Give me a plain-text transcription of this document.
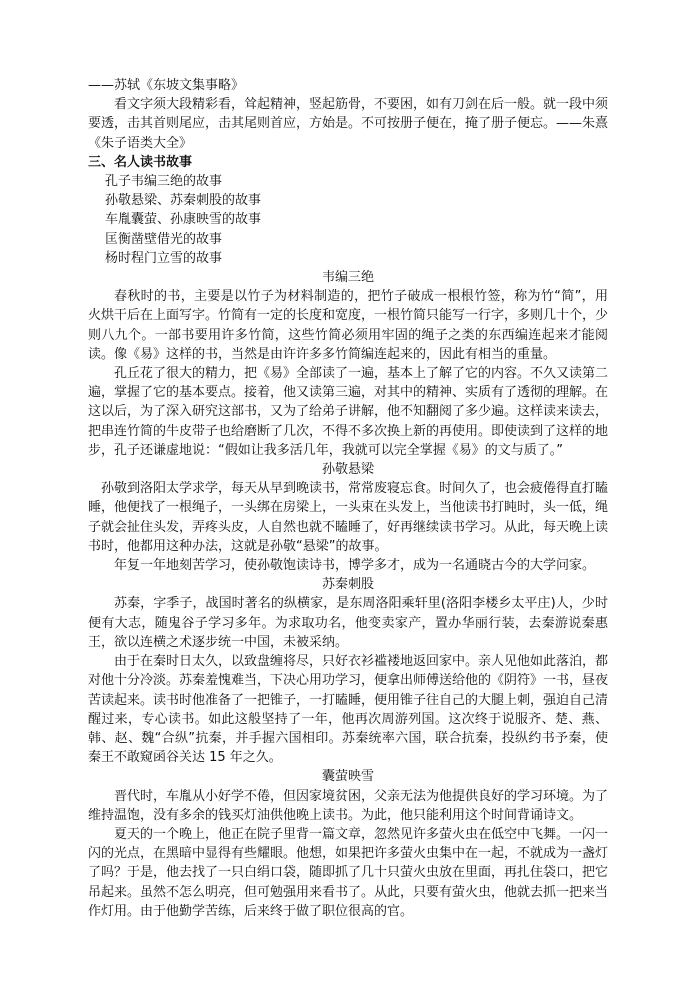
——苏轼《东坡文集事略》

看文字须大段精彩看，耸起精神，竖起筋骨，不要困，如有刀剑在后一般。就一段中须要透，击其首则尾应，击其尾则首应，方始是。不可按册子便在，掩了册子便忘。——朱熹《朱子语类大全》

三、名人读书故事

孔子韦编三绝的故事

孙敬悬梁、苏秦刺股的故事

车胤囊萤、孙康映雪的故事

匡衡凿壁借光的故事

杨时程门立雪的故事

韦编三绝

春秋时的书，主要是以竹子为材料制造的，把竹子破成一根根竹签，称为竹“简”，用火烘干后在上面写字。竹简有一定的长度和宽度，一根竹简只能写一行字，多则几十个，少则八九个。一部书要用许多竹简，这些竹简必须用牢固的绳子之类的东西编连起来才能阅读。像《易》这样的书，当然是由许许多多竹简编连起来的，因此有相当的重量。

孔丘花了很大的精力，把《易》全部读了一遍，基本上了解了它的内容。不久又读第二遍，掌握了它的基本要点。接着，他又读第三遍，对其中的精神、实质有了透彻的理解。在这以后，为了深入研究这部书，又为了给弟子讲解，他不知翻阅了多少遍。这样读来读去，把串连竹简的牛皮带子也给磨断了几次，不得不多次换上新的再使用。即使读到了这样的地步，孔子还谦虚地说：“假如让我多活几年，我就可以完全掌握《易》的文与质了。”

孙敬悬梁

孙敬到洛阳太学求学，每天从早到晚读书，常常废寝忘食。时间久了，也会疲倦得直打瞌睡，他便找了一根绳子，一头绑在房梁上，一头束在头发上，当他读书打盹时，头一低，绳子就会扯住头发，弄疼头皮，人自然也就不瞌睡了，好再继续读书学习。从此，每天晚上读书时，他都用这种办法，这就是孙敬“悬梁”的故事。

年复一年地刻苦学习，使孙敬饱读诗书，博学多才，成为一名通晓古今的大学问家。

苏秦刺股

苏秦，字季子，战国时著名的纵横家，是东周洛阳乘轩里(洛阳李楼乡太平庄)人，少时便有大志，随鬼谷子学习多年。为求取功名，他变卖家产，置办华丽行装，去秦游说秦惠王，欲以连横之术逐步统一中国，未被采纳。

由于在秦时日太久，以致盘缠将尽，只好衣衫褴褛地返回家中。亲人见他如此落泊，都对他十分冷淡。苏秦羞愧难当，下决心用功学习，便拿出师傅送给他的《阴符》一书，昼夜苦读起来。读书时他准备了一把锥子，一打瞌睡，便用锥子往自己的大腿上刺，强迫自己清醒过来，专心读书。如此这般坚持了一年，他再次周游列国。这次终于说服齐、楚、燕、韩、赵、魏“合纵”抗秦，并手握六国相印。苏秦统率六国，联合抗秦，投纵约书予秦，使秦王不敢窥函谷关达 15 年之久。

囊萤映雪

晋代时，车胤从小好学不倦，但因家境贫困，父亲无法为他提供良好的学习环境。为了维持温饱，没有多余的钱买灯油供他晚上读书。为此，他只能利用这个时间背诵诗文。

夏天的一个晚上，他正在院子里背一篇文章，忽然见许多萤火虫在低空中飞舞。一闪一闪的光点，在黑暗中显得有些耀眼。他想，如果把许多萤火虫集中在一起，不就成为一盏灯了吗？于是，他去找了一只白绢口袋，随即抓了几十只萤火虫放在里面，再扎住袋口，把它吊起来。虽然不怎么明亮，但可勉强用来看书了。从此，只要有萤火虫，他就去抓一把来当作灯用。由于他勤学苦练，后来终于做了职位很高的官。
